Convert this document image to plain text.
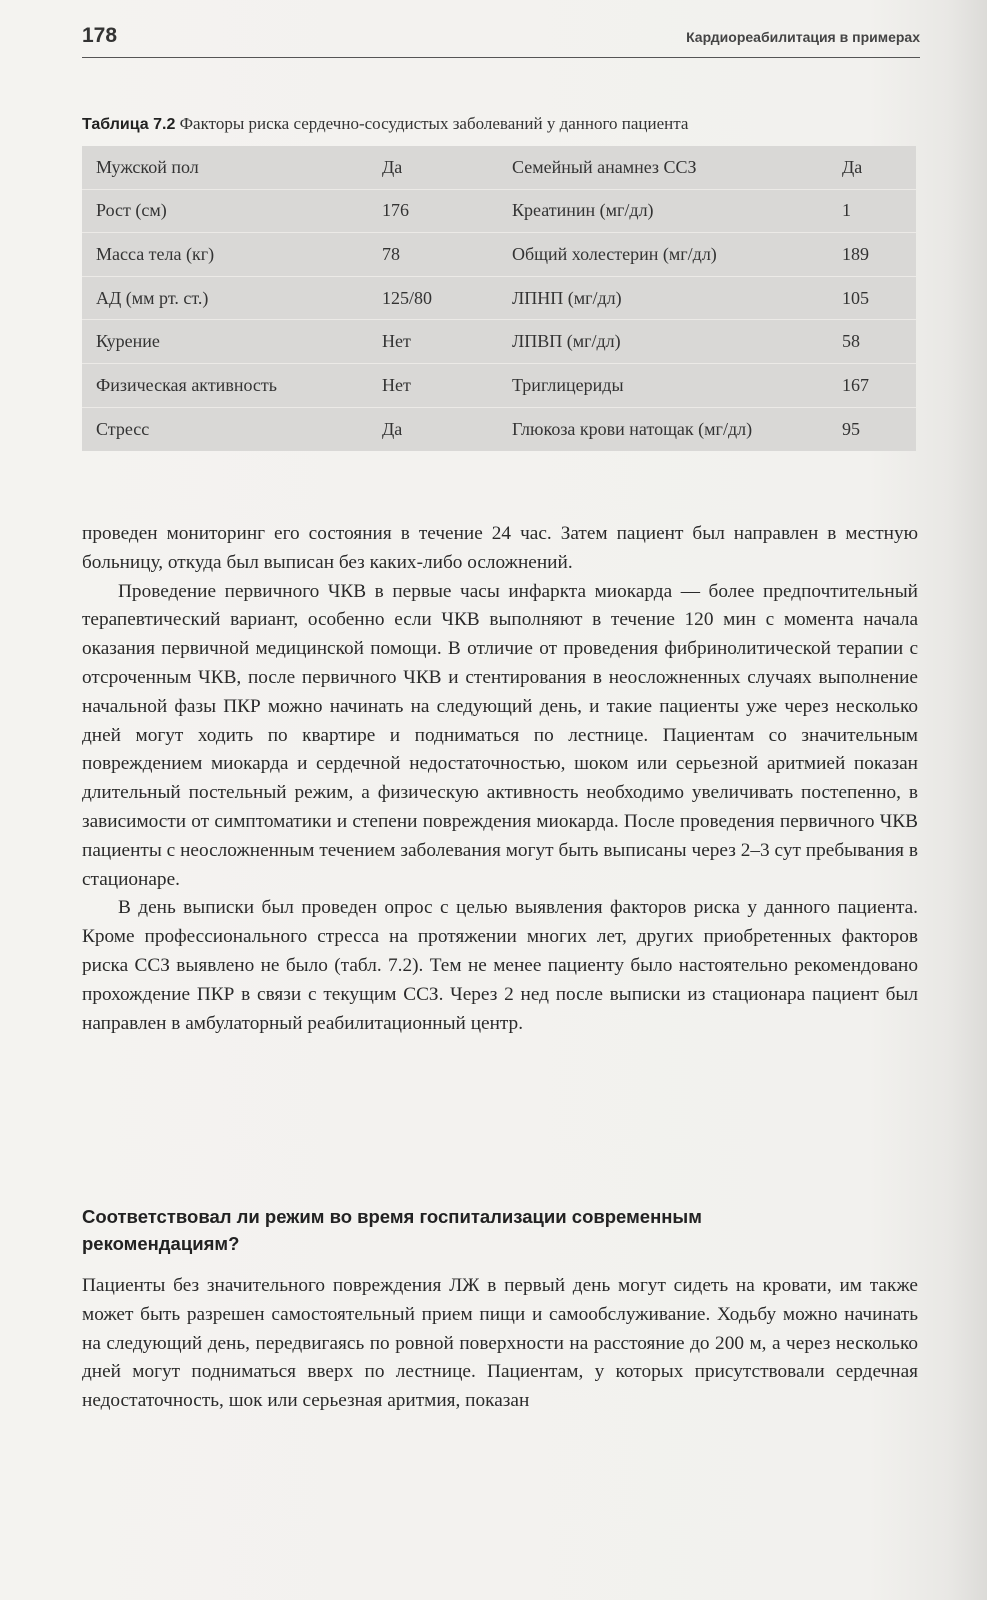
178	Кардиореабилитация в примерах
Таблица 7.2 Факторы риска сердечно-сосудистых заболеваний у данного пациента
Мужской пол	Да	Семейный анамнез ССЗ	Да
Рост (см)	176	Креатинин (мг/дл)	1
Масса тела (кг)	78	Общий холестерин (мг/дл)	189
АД (мм рт. ст.)	125/80	ЛПНП (мг/дл)	105
Курение	Нет	ЛПВП (мг/дл)	58
Физическая активность	Нет	Триглицериды	167
Стресс	Да	Глюкоза крови натощак (мг/дл)	95

проведен мониторинг его состояния в течение 24 час. Затем пациент был направлен в местную больницу, откуда был выписан без каких-либо осложнений.

Проведение первичного ЧКВ в первые часы инфаркта миокарда — более предпочтительный терапевтический вариант, особенно если ЧКВ выполняют в течение 120 мин с момента начала оказания первичной медицинской помощи. В отличие от проведения фибринолитической терапии с отсроченным ЧКВ, после первичного ЧКВ и стентирования в неосложненных случаях выполнение начальной фазы ПКР можно начинать на следующий день, и такие пациенты уже через несколько дней могут ходить по квартире и подниматься по лестнице. Пациентам со значительным повреждением миокарда и сердечной недостаточностью, шоком или серьезной аритмией показан длительный постельный режим, а физическую активность необходимо увеличивать постепенно, в зависимости от симптоматики и степени повреждения миокарда. После проведения первичного ЧКВ пациенты с неосложненным течением заболевания могут быть выписаны через 2–3 сут пребывания в стационаре.

В день выписки был проведен опрос с целью выявления факторов риска у данного пациента. Кроме профессионального стресса на протяжении многих лет, других приобретенных факторов риска ССЗ выявлено не было (табл. 7.2). Тем не менее пациенту было настоятельно рекомендовано прохождение ПКР в связи с текущим ССЗ. Через 2 нед после выписки из стационара пациент был направлен в амбулаторный реабилитационный центр.

Соответствовал ли режим во время госпитализации современным рекомендациям?

Пациенты без значительного повреждения ЛЖ в первый день могут сидеть на кровати, им также может быть разрешен самостоятельный прием пищи и самообслуживание. Ходьбу можно начинать на следующий день, передвигаясь по ровной поверхности на расстояние до 200 м, а через несколько дней могут подниматься вверх по лестнице. Пациентам, у которых присутствовали сердечная недостаточность, шок или серьезная аритмия, показан
